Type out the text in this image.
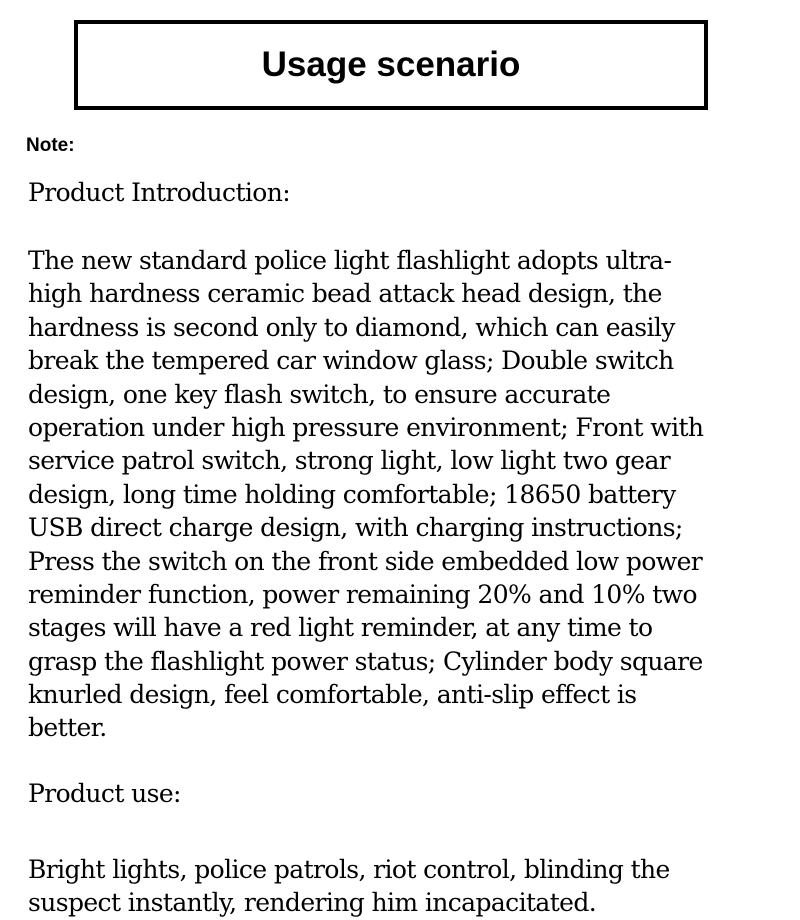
Usage scenario
Note:
Product Introduction:
The new standard police light flashlight adopts ultra-
high hardness ceramic bead attack head design, the
hardness is second only to diamond, which can easily
break the tempered car window glass; Double switch
design, one key flash switch, to ensure accurate
operation under high pressure environment; Front with
service patrol switch, strong light, low light two gear
design, long time holding comfortable; 18650 battery
USB direct charge design, with charging instructions;
Press the switch on the front side embedded low power
reminder function, power remaining 20% and 10% two
stages will have a red light reminder, at any time to
grasp the flashlight power status; Cylinder body square
knurled design, feel comfortable, anti-slip effect is
better.
Product use:
Bright lights, police patrols, riot control, blinding the
suspect instantly, rendering him incapacitated.
